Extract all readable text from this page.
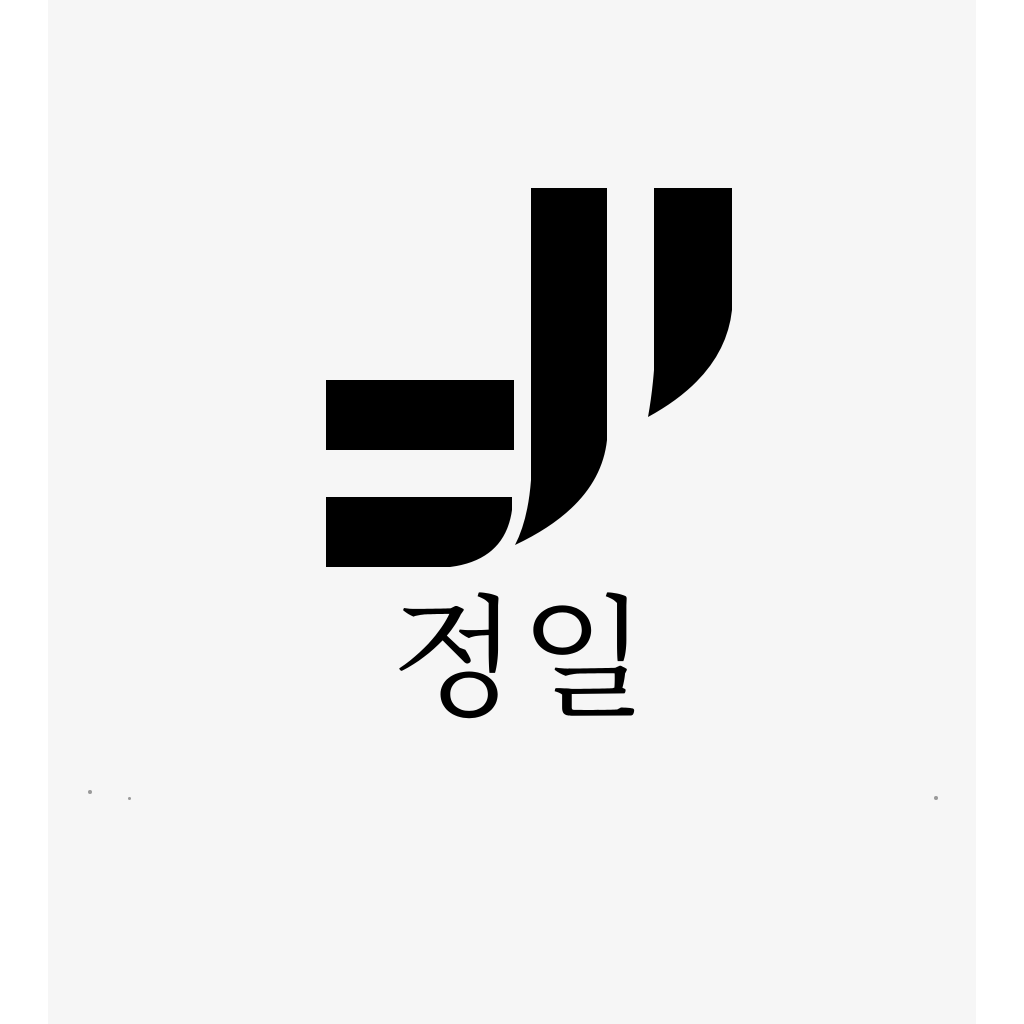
정일
